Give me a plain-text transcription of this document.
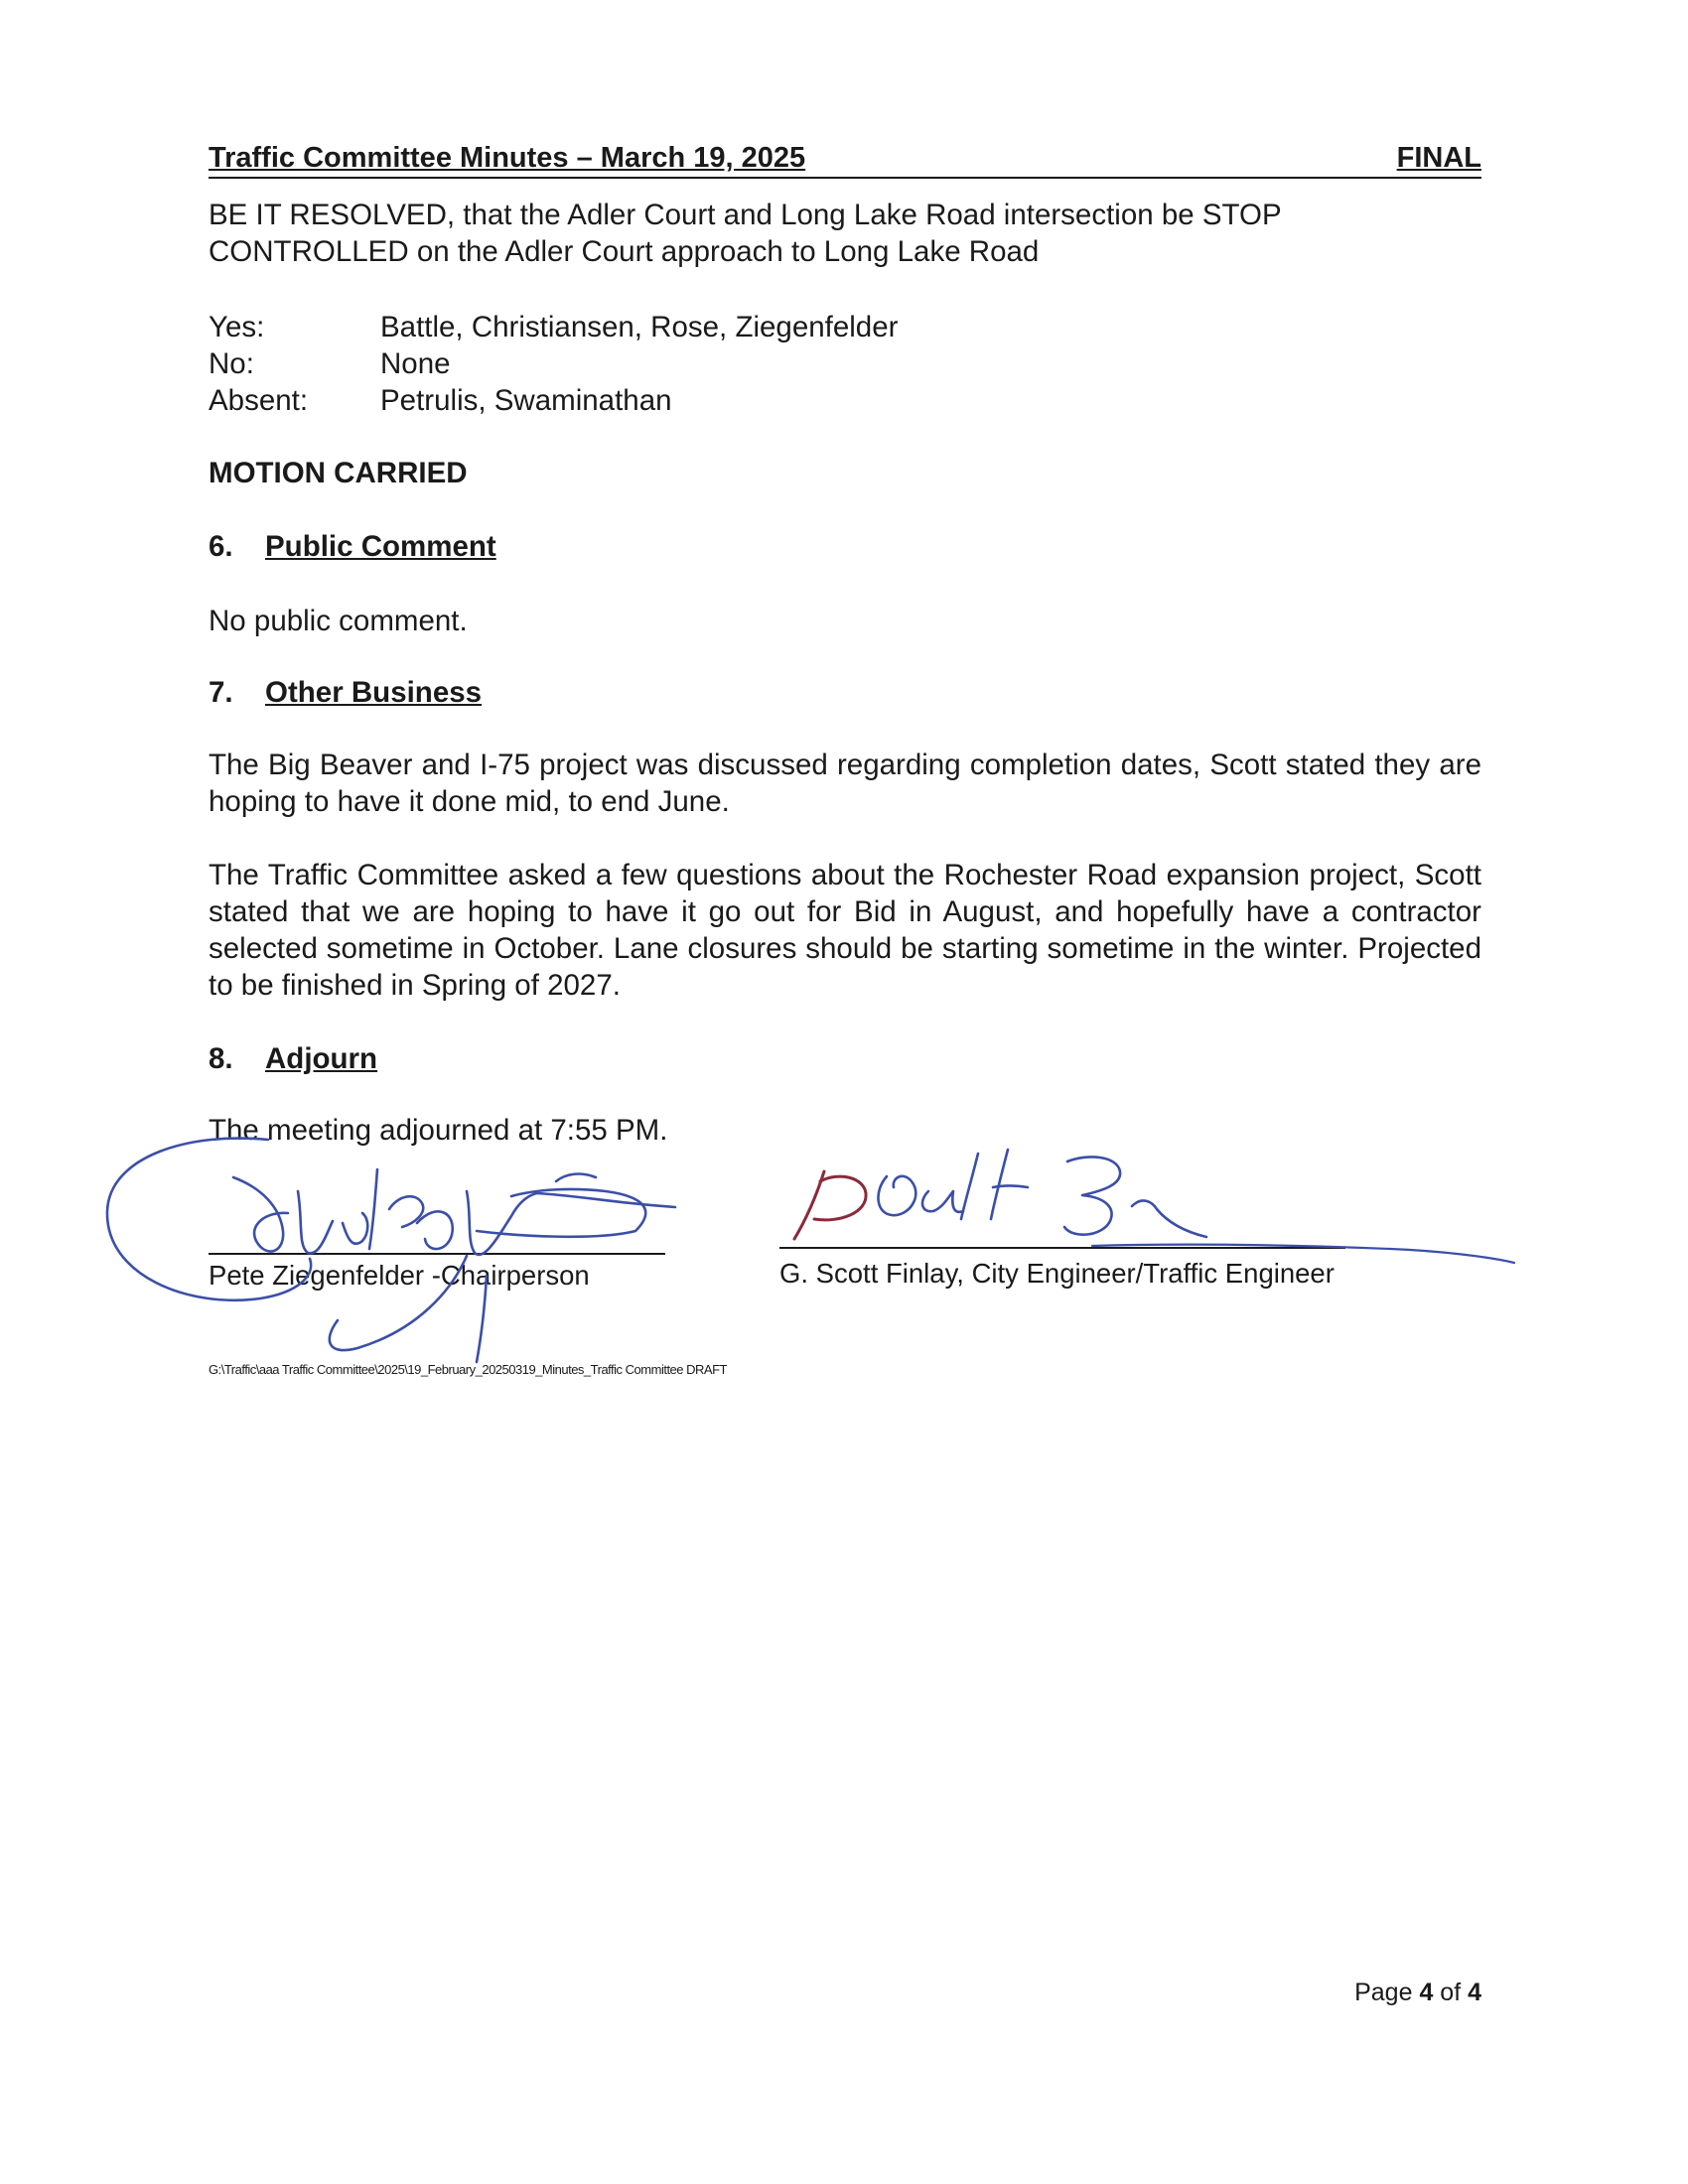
Traffic Committee Minutes – March 19, 2025	FINAL

BE IT RESOLVED, that the Adler Court and Long Lake Road intersection be STOP CONTROLLED on the Adler Court approach to Long Lake Road

Yes:	Battle, Christiansen, Rose, Ziegenfelder
No:	None
Absent: Petrulis, Swaminathan
MOTION CARRIED
6. Public Comment

No public comment.

7. Other Business

The Big Beaver and I-75 project was discussed regarding completion dates, Scott stated they are hoping to have it done mid, to end June.

The Traffic Committee asked a few questions about the Rochester Road expansion project, Scott stated that we are hoping to have it go out for Bid in August, and hopefully have a contractor selected sometime in October. Lane closures should be starting sometime in the winter. Projected to be finished in Spring of 2027.

8. Adjourn

The meeting adjourned at 7:55 PM.

Pete Ziegenfelder -Chairperson	G. Scott Finlay, City Engineer/Traffic Engineer
G:\Traffic\aaa Traffic Committee\2025\19_February_20250319_Minutes_Traffic Committee DRAFT
Page 4 of 4
